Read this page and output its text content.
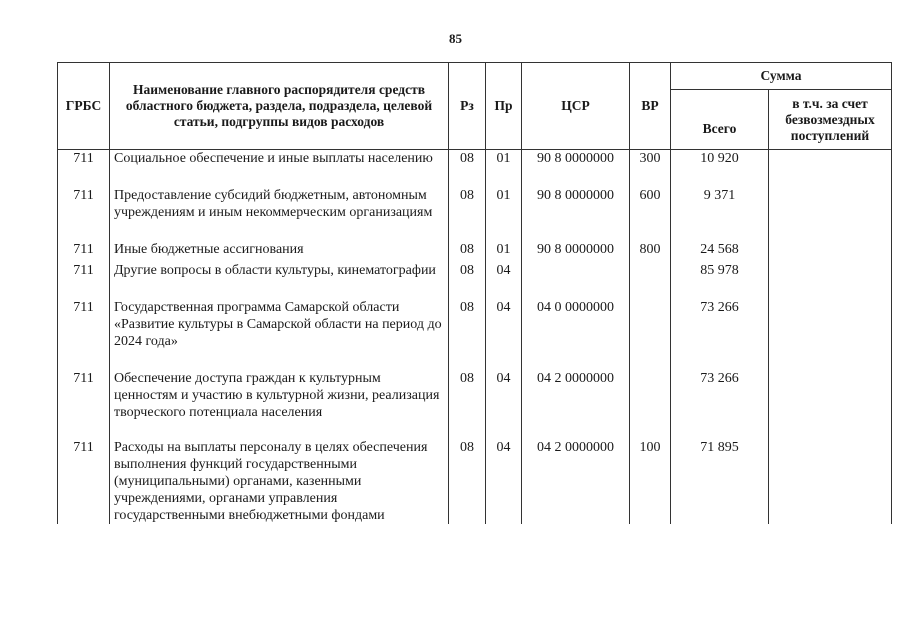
85
ГРБС	Наименование главного распорядителя средств областного бюджета, раздела, подраздела, целевой статьи, подгруппы видов расходов	Рз	Пр	ЦСР	ВР	Сумма	
						Всего	в т.ч. за счет безвозмездных поступлений
711	Социальное обеспечение и иные выплаты населению	08	01	90 8 0000000	300	10 920	
711	Предоставление субсидий бюджетным, автономным учреждениям и иным некоммерческим организациям	08	01	90 8 0000000	600	9 371	
711	Иные бюджетные ассигнования	08	01	90 8 0000000	800	24 568	
711	Другие вопросы в области культуры, кинематографии	08	04			85 978	
711	Государственная программа Самарской области «Развитие культуры в Самарской области на период до 2024 года»	08	04	04 0 0000000		73 266	
711	Обеспечение доступа граждан к культурным ценностям и участию в культурной жизни, реализация творческого потенциала населения	08	04	04 2 0000000		73 266	
711	Расходы на выплаты персоналу в целях обеспечения выполнения функций государственными (муниципальными) органами, казенными учреждениями, органами управления государственными внебюджетными фондами	08	04	04 2 0000000	100	71 895	
